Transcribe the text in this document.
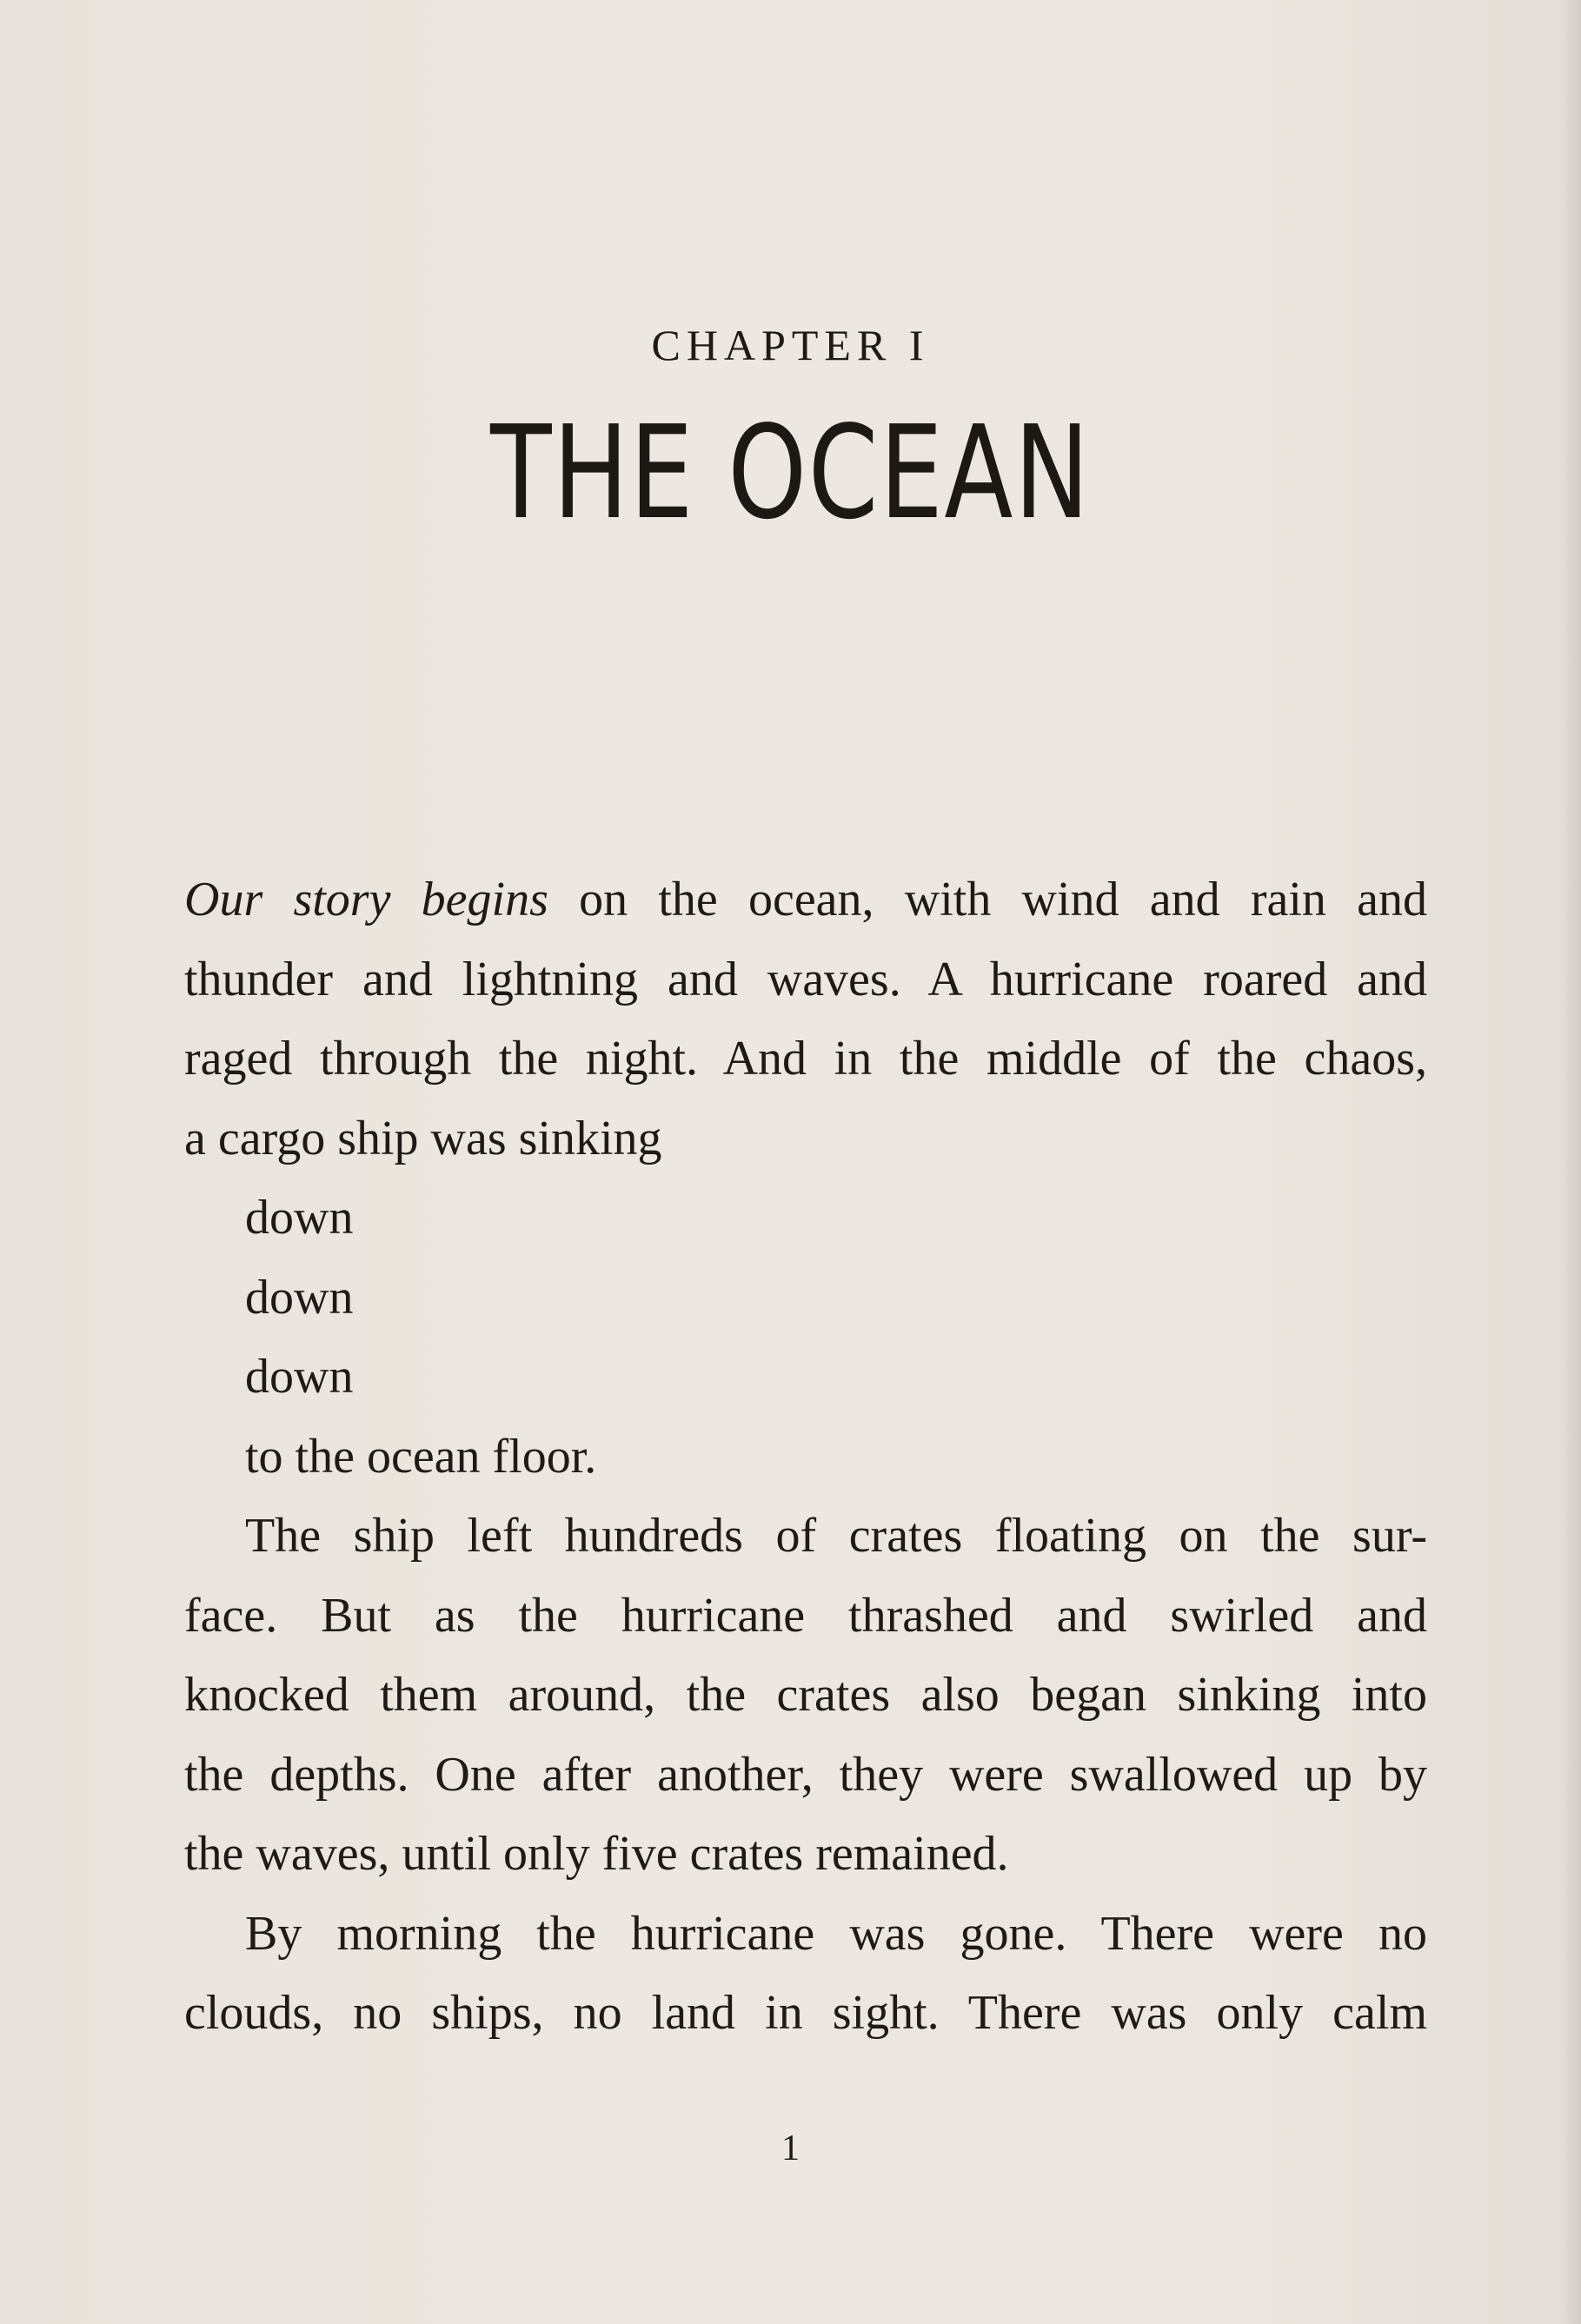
CHAPTER I
THE OCEAN
Our story begins on the ocean, with wind and rain and
thunder and lightning and waves. A hurricane roared and
raged through the night. And in the middle of the chaos,
a cargo ship was sinking
down
down
down
to the ocean floor.
The ship left hundreds of crates floating on the sur-
face. But as the hurricane thrashed and swirled and
knocked them around, the crates also began sinking into
the depths. One after another, they were swallowed up by
the waves, until only five crates remained.
By morning the hurricane was gone. There were no
clouds, no ships, no land in sight. There was only calm
1
